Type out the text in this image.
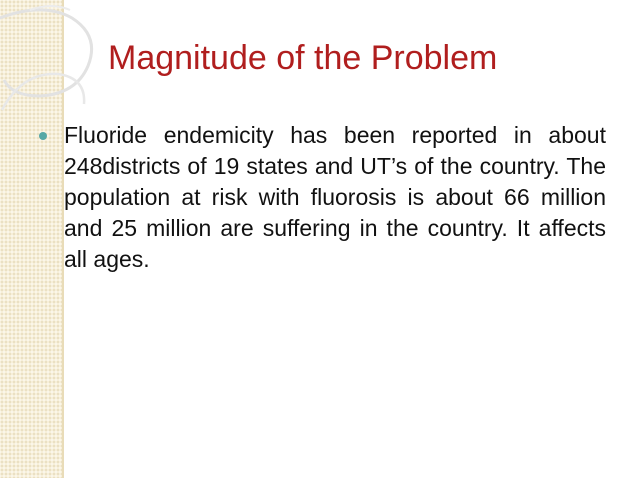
Magnitude of the Problem
Fluoride endemicity has been reported in about 248districts of 19 states and UT’s of the country. The population at risk with fluorosis is about 66 million and 25 million are suffering in the country. It affects all ages.
